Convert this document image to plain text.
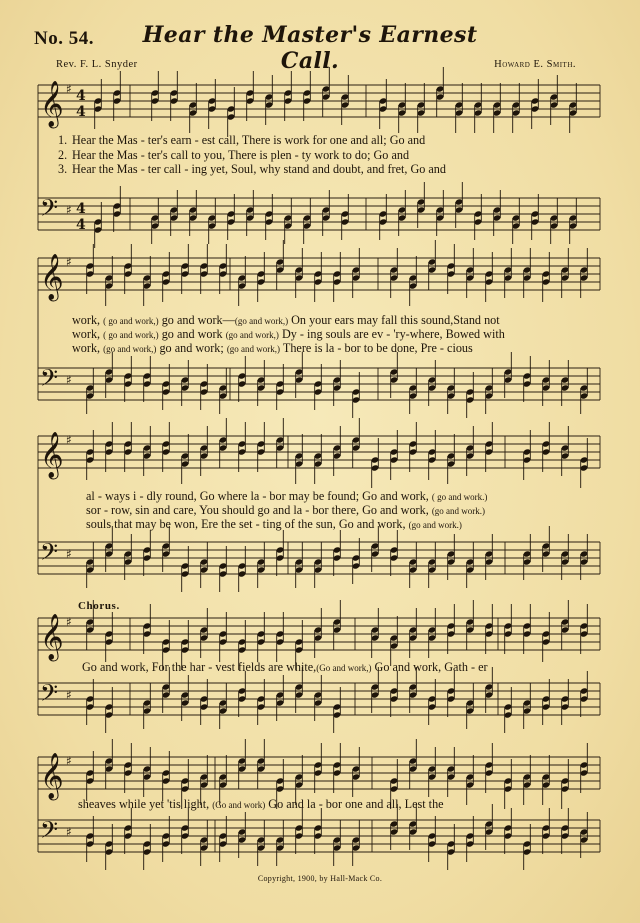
𝄞 ♯ 4
4
𝄢 ♯ 4
4
𝄞 ♯
𝄢 ♯
𝄞 ♯
𝄢 ♯
𝄞 ♯
𝄢 ♯
𝄞 ♯
𝄢 ♯
No. 54. Hear the Master's Earnest Call.
Rev. F. L. Snyder	Howard E. Smith.
1. Hear the Mas - ter's earn - est call, There is work for one and all; Go and
2. Hear the Mas - ter's call to you, There is plen - ty work to do; Go and
3. Hear the Mas - ter call - ing yet, Soul, why stand and doubt, and fret, Go and
work, ( go and work,) go and work—(go and work,) On your ears may fall this sound,Stand not
work, ( go and work,) go and work (go and work,) Dy - ing souls are ev - 'ry-where, Bowed with
work, (go and work,) go and work; (go and work,) There is la - bor to be done, Pre - cious
al - ways i - dly round, Go where la - bor may be found; Go and work, ( go and work.)
sor - row, sin and care, You should go and la - bor there, Go and work, (go and work.)
souls that may be won, Ere the set - ting of the sun, Go and work, (go and work.)
Chorus.
Go and work, For the har - vest fields are white,(Go and work,) Go and work, Gath - er
sheaves while yet 'tis light, (Go and work) Go and la - bor one and all, Lest the
Copyright, 1900, by Hall-Mack Co.
